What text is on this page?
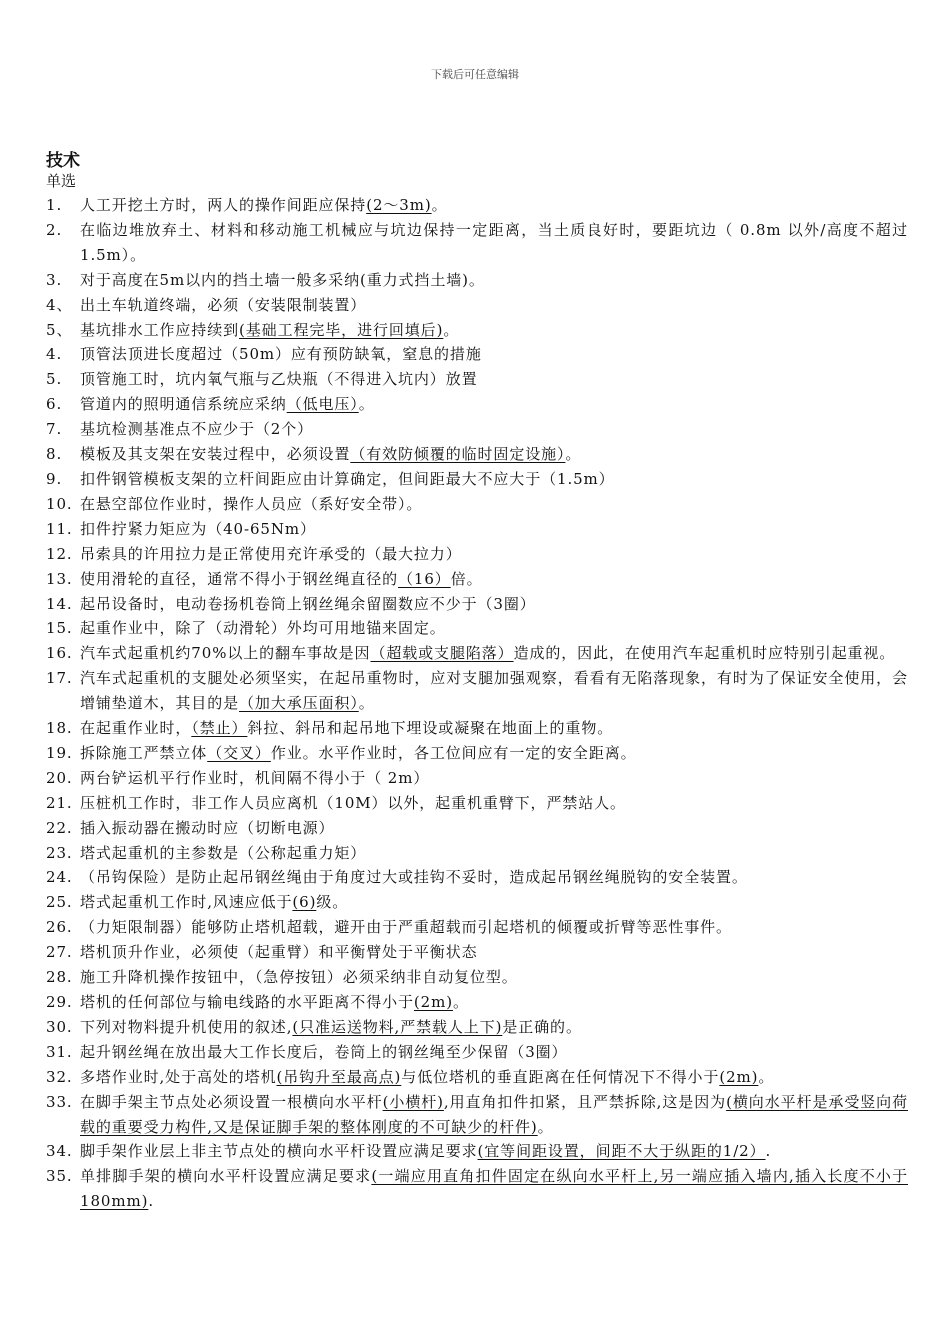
下载后可任意编辑
技术
单选
1.	人工开挖土方时，两人的操作间距应保持(2～3m)。
2.	在临边堆放弃土、材料和移动施工机械应与坑边保持一定距离，当土质良好时，要距坑边（ 0.8m 以外/高度不超过1.5m）。
3.	对于高度在5m以内的挡土墙一般多采纳(重力式挡土墙)。
4、 出土车轨道终端，必须（安装限制装置）
5、 基坑排水工作应持续到(基础工程完毕，进行回填后)。
4.	顶管法顶进长度超过（50m）应有预防缺氧，窒息的措施
5.	顶管施工时，坑内氧气瓶与乙炔瓶（不得进入坑内）放置
6.	管道内的照明通信系统应采纳（低电压）。
7.	基坑检测基准点不应少于（2个）
8.	模板及其支架在安装过程中，必须设置（有效防倾覆的临时固定设施）。
9.	扣件钢管模板支架的立杆间距应由计算确定，但间距最大不应大于（1.5m）
10. 在悬空部位作业时，操作人员应（系好安全带）。
11. 扣件拧紧力矩应为（40-65Nm）
12. 吊索具的许用拉力是正常使用充许承受的（最大拉力）
13. 使用滑轮的直径，通常不得小于钢丝绳直径的（16）倍。
14. 起吊设备时，电动卷扬机卷筒上钢丝绳余留圈数应不少于（3圈）
15. 起重作业中，除了（动滑轮）外均可用地锚来固定。
16. 汽车式起重机约70%以上的翻车事故是因（超载或支腿陷落）造成的，因此，在使用汽车起重机时应特别引起重视。
17. 汽车式起重机的支腿处必须坚实，在起吊重物时，应对支腿加强观察，看看有无陷落现象，有时为了保证安全使用，会增铺垫道木，其目的是（加大承压面积）。
18. 在起重作业时，（禁止）斜拉、斜吊和起吊地下埋设或凝聚在地面上的重物。
19. 拆除施工严禁立体（交叉）作业。水平作业时，各工位间应有一定的安全距离。
20. 两台铲运机平行作业时，机间隔不得小于（ 2m）
21. 压桩机工作时，非工作人员应离机（10M）以外，起重机重臂下，严禁站人。
22. 插入振动器在搬动时应（切断电源）
23. 塔式起重机的主参数是（公称起重力矩）
24. （吊钩保险）是防止起吊钢丝绳由于角度过大或挂钩不妥时，造成起吊钢丝绳脱钩的安全装置。
25. 塔式起重机工作时,风速应低于(6)级。
26. （力矩限制器）能够防止塔机超载，避开由于严重超载而引起塔机的倾覆或折臂等恶性事件。
27. 塔机顶升作业，必须使（起重臂）和平衡臂处于平衡状态
28. 施工升降机操作按钮中，（急停按钮）必须采纳非自动复位型。
29. 塔机的任何部位与输电线路的水平距离不得小于(2m)。
30. 下列对物料提升机使用的叙述,(只准运送物料,严禁载人上下)是正确的。
31. 起升钢丝绳在放出最大工作长度后，卷筒上的钢丝绳至少保留（3圈）
32. 多塔作业时,处于高处的塔机(吊钩升至最高点)与低位塔机的垂直距离在任何情况下不得小于(2m)。
33. 在脚手架主节点处必须设置一根横向水平杆(小横杆),用直角扣件扣紧，且严禁拆除,这是因为(横向水平杆是承受竖向荷载的重要受力构件,又是保证脚手架的整体刚度的不可缺少的杆件)。
34. 脚手架作业层上非主节点处的横向水平杆设置应满足要求(宜等间距设置，间距不大于纵距的1/2）.
35. 单排脚手架的横向水平杆设置应满足要求(一端应用直角扣件固定在纵向水平杆上,另一端应插入墙内,插入长度不小于180mm).
